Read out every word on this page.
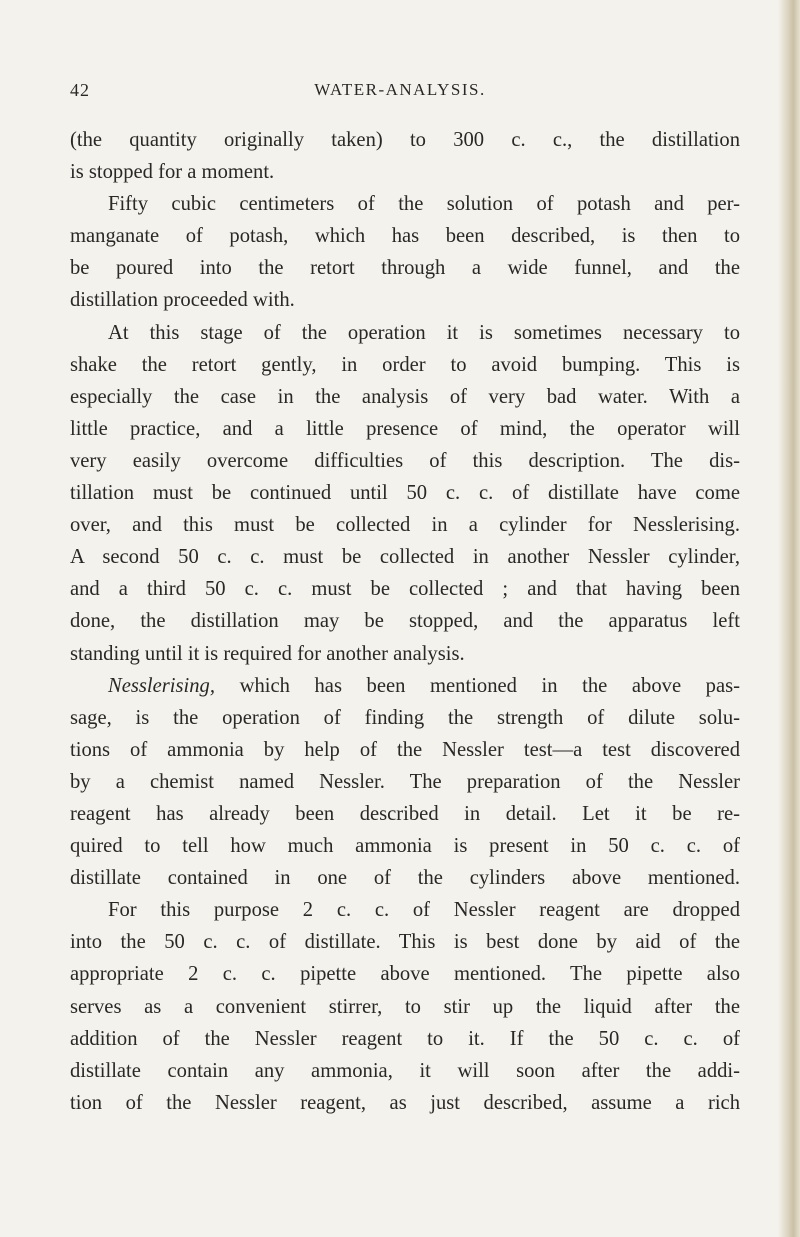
42	WATER-ANALYSIS.
(the quantity originally taken) to 300 c. c., the distillation
is stopped for a moment.
Fifty cubic centimeters of the solution of potash and per-
manganate of potash, which has been described, is then to
be poured into the retort through a wide funnel, and the
distillation proceeded with.
At this stage of the operation it is sometimes necessary to
shake the retort gently, in order to avoid bumping. This is
especially the case in the analysis of very bad water. With a
little practice, and a little presence of mind, the operator will
very easily overcome difficulties of this description. The dis-
tillation must be continued until 50 c. c. of distillate have come
over, and this must be collected in a cylinder for Nesslerising.
A second 50 c. c. must be collected in another Nessler cylinder,
and a third 50 c. c. must be collected ; and that having been
done, the distillation may be stopped, and the apparatus left
standing until it is required for another analysis.
Nesslerising, which has been mentioned in the above pas-
sage, is the operation of finding the strength of dilute solu-
tions of ammonia by help of the Nessler test—a test discovered
by a chemist named Nessler. The preparation of the Nessler
reagent has already been described in detail. Let it be re-
quired to tell how much ammonia is present in 50 c. c. of
distillate contained in one of the cylinders above mentioned.
For this purpose 2 c. c. of Nessler reagent are dropped
into the 50 c. c. of distillate. This is best done by aid of the
appropriate 2 c. c. pipette above mentioned. The pipette also
serves as a convenient stirrer, to stir up the liquid after the
addition of the Nessler reagent to it. If the 50 c. c. of
distillate contain any ammonia, it will soon after the addi-
tion of the Nessler reagent, as just described, assume a rich
